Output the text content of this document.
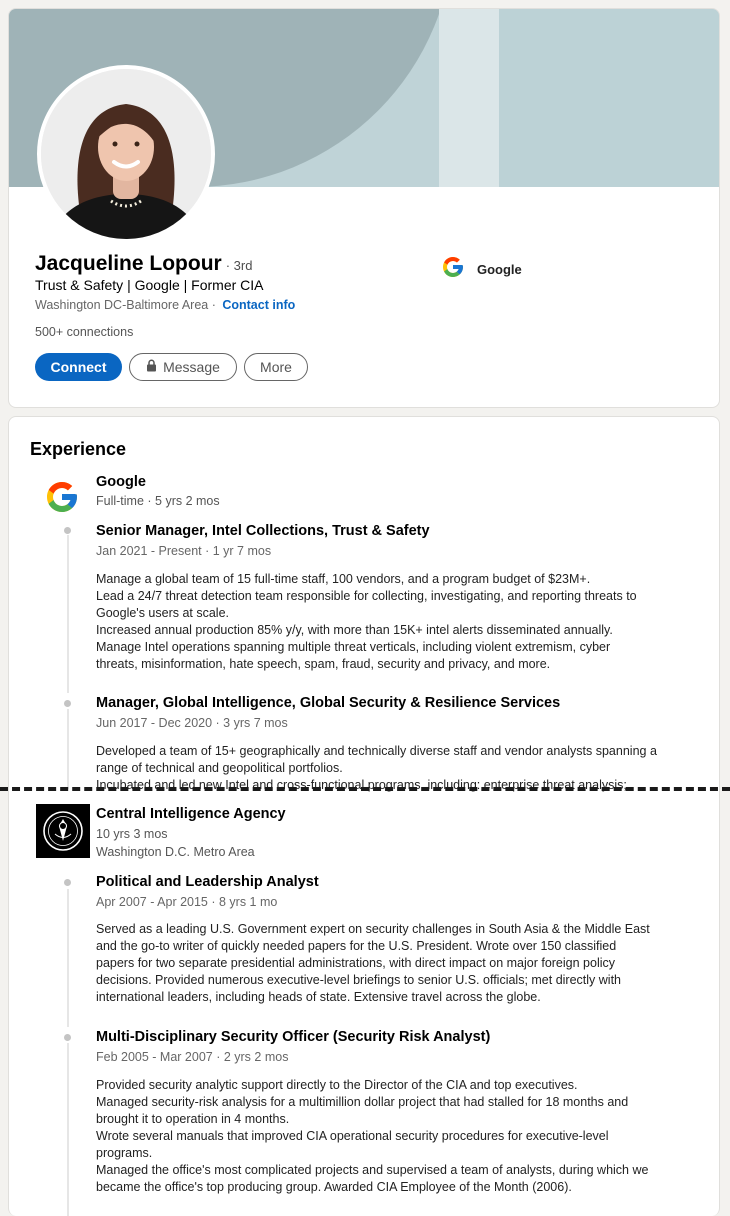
Jacqueline Lopour · 3rd
Trust & Safety | Google | Former CIA
Washington DC-Baltimore Area · Contact info
500+ connections
Connect	Message	More
Google
Experience
Google
Full-time · 5 yrs 2 mos
Senior Manager, Intel Collections, Trust & Safety
Jan 2021 - Present · 1 yr 7 mos
Manage a global team of 15 full-time staff, 100 vendors, and a program budget of $23M+.
Lead a 24/7 threat detection team responsible for collecting, investigating, and reporting threats to
Google's users at scale.
Increased annual production 85% y/y, with more than 15K+ intel alerts disseminated annually.
Manage Intel operations spanning multiple threat verticals, including violent extremism, cyber
threats, misinformation, hate speech, spam, fraud, security and privacy, and more.
Manager, Global Intelligence, Global Security & Resilience Services
Jun 2017 - Dec 2020 · 3 yrs 7 mos
Developed a team of 15+ geographically and technically diverse staff and vendor analysts spanning a
range of technical and geopolitical portfolios.
Incubated and led new Intel and cross-functional programs, including: enterprise threat analysis;
Central Intelligence Agency
10 yrs 3 mos
Washington D.C. Metro Area
Political and Leadership Analyst
Apr 2007 - Apr 2015 · 8 yrs 1 mo
Served as a leading U.S. Government expert on security challenges in South Asia & the Middle East
and the go-to writer of quickly needed papers for the U.S. President. Wrote over 150 classified
papers for two separate presidential administrations, with direct impact on major foreign policy
decisions. Provided numerous executive-level briefings to senior U.S. officials; met directly with
international leaders, including heads of state. Extensive travel across the globe.
Multi-Disciplinary Security Officer (Security Risk Analyst)
Feb 2005 - Mar 2007 · 2 yrs 2 mos
Provided security analytic support directly to the Director of the CIA and top executives.
Managed security-risk analysis for a multimillion dollar project that had stalled for 18 months and
brought it to operation in 4 months.
Wrote several manuals that improved CIA operational security procedures for executive-level
programs.
Managed the office's most complicated projects and supervised a team of analysts, during which we
became the office's top producing group. Awarded CIA Employee of the Month (2006).
